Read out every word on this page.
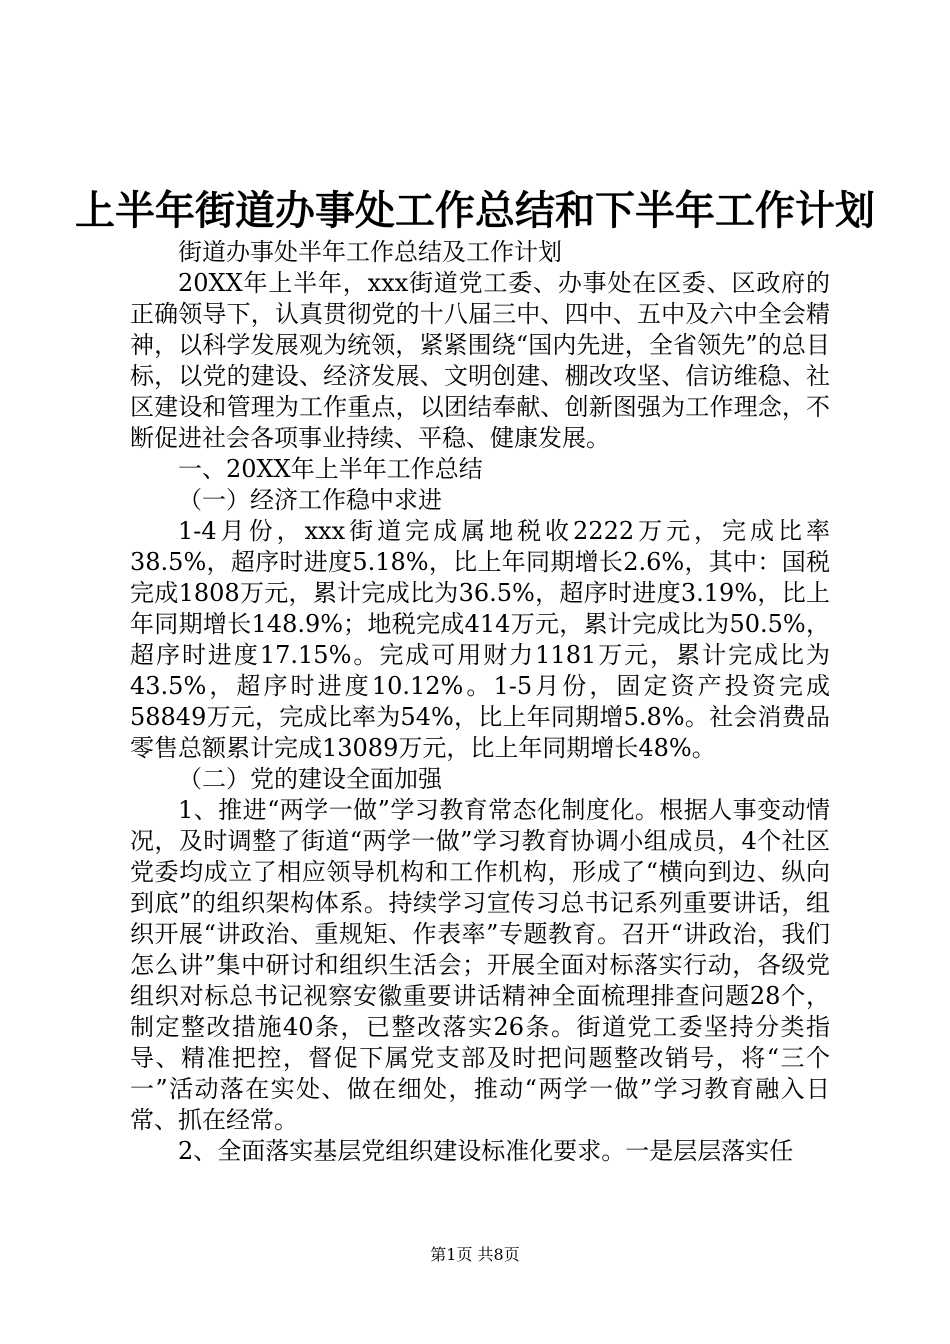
上半年街道办事处工作总结和下半年工作计划

街道办事处半年工作总结及工作计划

20XX年上半年，xxx街道党工委、办事处在区委、区政府的正确领导下，认真贯彻党的十八届三中、四中、五中及六中全会精神，以科学发展观为统领，紧紧围绕“国内先进，全省领先”的总目标，以党的建设、经济发展、文明创建、棚改攻坚、信访维稳、社区建设和管理为工作重点，以团结奉献、创新图强为工作理念，不断促进社会各项事业持续、平稳、健康发展。

一、20XX年上半年工作总结

（一）经济工作稳中求进

1-4月份，xxx街道完成属地税收2222万元，完成比率38.5%，超序时进度5.18%，比上年同期增长2.6%，其中：国税完成1808万元，累计完成比为36.5%，超序时进度3.19%，比上年同期增长148.9%；地税完成414万元，累计完成比为50.5%，超序时进度17.15%。完成可用财力1181万元，累计完成比为43.5%，超序时进度10.12%。1-5月份，固定资产投资完成58849万元，完成比率为54%，比上年同期增5.8%。社会消费品零售总额累计完成13089万元，比上年同期增长48%。

（二）党的建设全面加强

1、推进“两学一做”学习教育常态化制度化。根据人事变动情况，及时调整了街道“两学一做”学习教育协调小组成员，4个社区党委均成立了相应领导机构和工作机构，形成了“横向到边、纵向到底”的组织架构体系。持续学习宣传习总书记系列重要讲话，组织开展“讲政治、重规矩、作表率”专题教育。召开“讲政治，我们怎么讲”集中研讨和组织生活会；开展全面对标落实行动，各级党组织对标总书记视察安徽重要讲话精神全面梳理排查问题28个，制定整改措施40条，已整改落实26条。街道党工委坚持分类指导、精准把控，督促下属党支部及时把问题整改销号，将“三个一”活动落在实处、做在细处，推动“两学一做”学习教育融入日常、抓在经常。

2、全面落实基层党组织建设标准化要求。一是层层落实任

第1页 共8页
